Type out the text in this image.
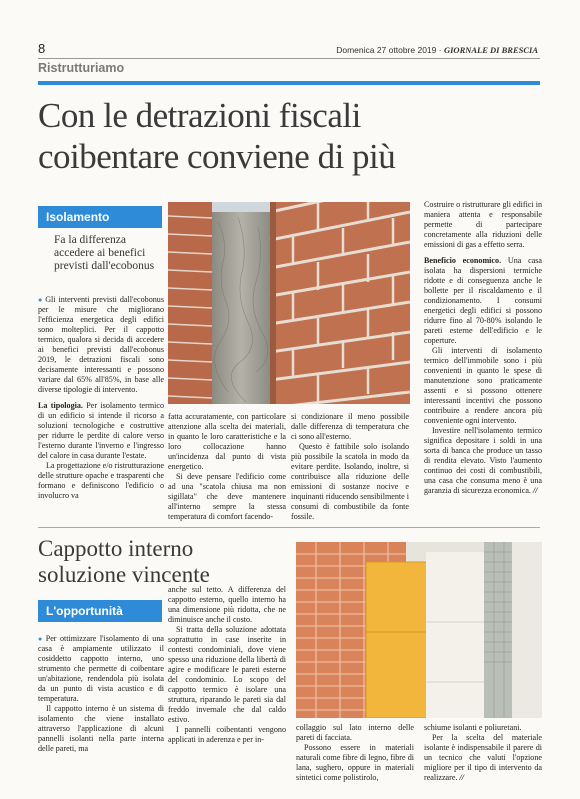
8	Domenica 27 ottobre 2019 · GIORNALE DI BRESCIA
Ristrutturiamo
Con le detrazioni fiscali
coibentare conviene di più
Isolamento
Fa la differenza accedere ai benefici previsti dall'ecobonus

● Gli interventi previsti dall'ecobonus per le misure che migliorano l'efficienza energetica degli edifici sono molteplici. Per il cappotto termico, qualora si decida di accedere ai benefici previsti dall'ecobonus 2019, le detrazioni fiscali sono decisamente interessanti e possono variare dal 65% all'85%, in base alle diverse tipologie di intervento.

La tipologia. Per isolamento termico di un edificio si intende il ricorso a soluzioni tecnologiche e costruttive per ridurre le perdite di calore verso l'esterno durante l'inverno e l'ingresso del calore in casa durante l'estate.

La progettazione e/o ristrutturazione delle strutture opache e trasparenti che formano e definiscono l'edificio o involucro va

fatta accuratamente, con particolare attenzione alla scelta dei materiali, in quanto le loro caratteristiche e la loro collocazione hanno un'incidenza dal punto di vista energetico.

Si deve pensare l'edificio come ad una "scatola chiusa ma non sigillata" che deve mantenere all'interno sempre la stessa temperatura di comfort facendo-

si condizionare il meno possibile dalle differenza di temperatura che ci sono all'esterno.

Questo è fattibile solo isolando più possibile la scatola in modo da evitare perdite. Isolando, inoltre, si contribuisce alla riduzione delle emissioni di sostanze nocive e inquinanti riducendo sensibilmente i consumi di combustibile da fonte fossile.

Costruire o ristrutturare gli edifici in maniera attenta e responsabile permette di partecipare concretamente alla riduzioni delle emissioni di gas a effetto serra.

Beneficio economico. Una casa isolata ha dispersioni termiche ridotte e di conseguenza anche le bollette per il riscaldamento e il condizionamento. I consumi energetici degli edifici si possono ridurre fino al 70-80% isolando le pareti esterne dell'edificio e le coperture.

Gli interventi di isolamento termico dell'immobile sono i più convenienti in quanto le spese di manutenzione sono praticamente assenti e si possono ottenere interessanti incentivi che possono contribuire a rendere ancora più conveniente ogni intervento.

Investire nell'isolamento termico significa depositare i soldi in una sorta di banca che produce un tasso di rendita elevato. Visto l'aumento continuo dei costi di combustibili, una casa che consuma meno è una garanzia di sicurezza economica. //

Cappotto interno
soluzione vincente
L'opportunità

● Per ottimizzare l'isolamento di una casa è ampiamente utilizzato il cosiddetto cappotto interno, uno strumento che permette di coibentare un'abitazione, rendendola più isolata da un punto di vista acustico e di temperatura.

Il cappotto interno è un sistema di isolamento che viene installato attraverso l'applicazione di alcuni pannelli isolanti nella parte interna delle pareti, ma

anche sul tetto. A differenza del cappotto esterno, quello interno ha una dimensione più ridotta, che ne diminuisce anche il costo.

Si tratta della soluzione adottata soprattutto in case inserite in contesti condominiali, dove viene spesso una riduzione della libertà di agire e modificare le pareti esterne del condominio. Lo scopo del cappotto termico è isolare una struttura, riparando le pareti sia dal freddo invernale che dal caldo estivo.

I pannelli coibentanti vengono applicati in aderenza e per in-

collaggio sul lato interno delle pareti di facciata.

Possono essere in materiali naturali come fibre di legno, fibre di lana, sughero, oppure in materiali sintetici come polistirolo,

schiume isolanti e poliuretani.

Per la scelta del materiale isolante è indispensabile il parere di un tecnico che valuti l'opzione migliore per il tipo di intervento da realizzare. //
